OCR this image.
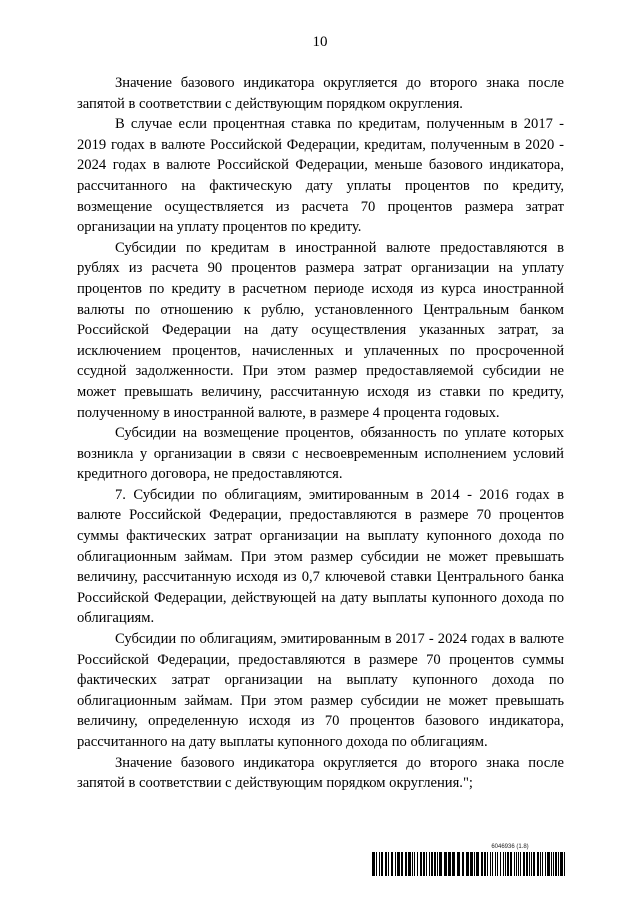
10

Значение базового индикатора округляется до второго знака после запятой в соответствии с действующим порядком округления.

В случае если процентная ставка по кредитам, полученным в 2017 - 2019 годах в валюте Российской Федерации, кредитам, полученным в 2020 - 2024 годах в валюте Российской Федерации, меньше базового индикатора, рассчитанного на фактическую дату уплаты процентов по кредиту, возмещение осуществляется из расчета 70 процентов размера затрат организации на уплату процентов по кредиту.

Субсидии по кредитам в иностранной валюте предоставляются в рублях из расчета 90 процентов размера затрат организации на уплату процентов по кредиту в расчетном периоде исходя из курса иностранной валюты по отношению к рублю, установленного Центральным банком Российской Федерации на дату осуществления указанных затрат, за исключением процентов, начисленных и уплаченных по просроченной ссудной задолженности. При этом размер предоставляемой субсидии не может превышать величину, рассчитанную исходя из ставки по кредиту, полученному в иностранной валюте, в размере 4 процента годовых.

Субсидии на возмещение процентов, обязанность по уплате которых возникла у организации в связи с несвоевременным исполнением условий кредитного договора, не предоставляются.

7. Субсидии по облигациям, эмитированным в 2014 - 2016 годах в валюте Российской Федерации, предоставляются в размере 70 процентов суммы фактических затрат организации на выплату купонного дохода по облигационным займам. При этом размер субсидии не может превышать величину, рассчитанную исходя из 0,7 ключевой ставки Центрального банка Российской Федерации, действующей на дату выплаты купонного дохода по облигациям.

Субсидии по облигациям, эмитированным в 2017 - 2024 годах в валюте Российской Федерации, предоставляются в размере 70 процентов суммы фактических затрат организации на выплату купонного дохода по облигационным займам. При этом размер субсидии не может превышать величину, определенную исходя из 70 процентов базового индикатора, рассчитанного на дату выплаты купонного дохода по облигациям.

Значение базового индикатора округляется до второго знака после запятой в соответствии с действующим порядком округления.";

6046936 (1.8)
